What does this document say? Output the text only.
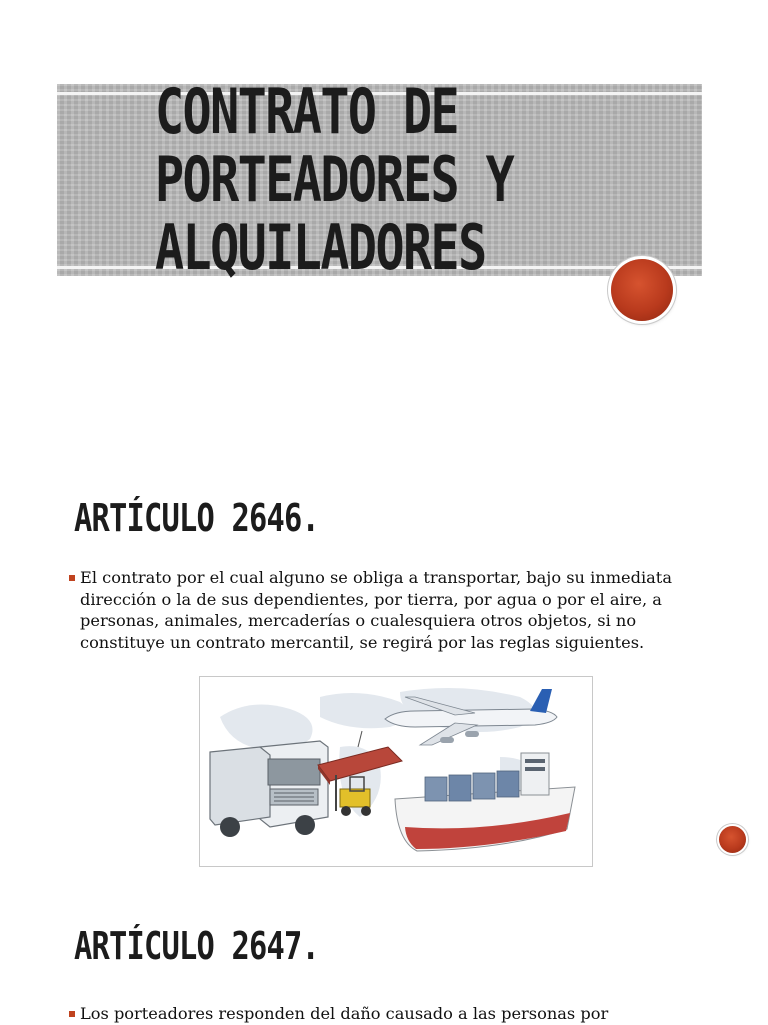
CONTRATO DE
PORTEADORES Y
ALQUILADORES
ARTÍCULO 2646.

El contrato por el cual alguno se obliga a transportar, bajo su inmediata dirección o la de sus dependientes, por tierra, por agua o por el aire, a personas, animales, mercaderías o cualesquiera otros objetos, si no constituye un contrato mercantil, se regirá por las reglas siguientes.

ARTÍCULO 2647.

Los porteadores responden del daño causado a las personas por
